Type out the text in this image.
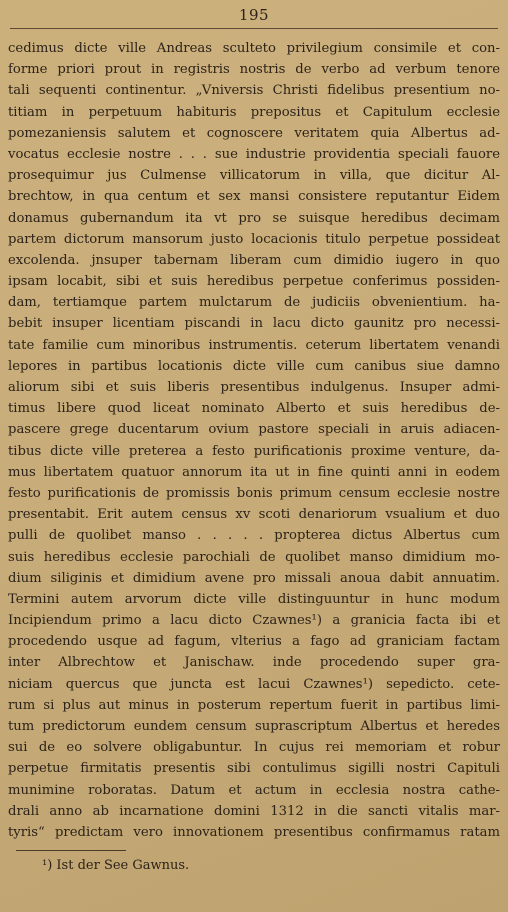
195
cedimus dicte ville Andreas sculteto privilegium consimile et con-
forme priori prout in registris nostris de verbo ad verbum tenore
tali sequenti continentur. „Vniversis Christi fidelibus presentium no-
titiam in perpetuum habituris prepositus et Capitulum ecclesie
pomezaniensis salutem et cognoscere veritatem quia Albertus ad-
vocatus ecclesie nostre . . . sue industrie providentia speciali fauore
prosequimur jus Culmense villicatorum in villa, que dicitur Al-
brechtow, in qua centum et sex mansi consistere reputantur Eidem
donamus gubernandum ita vt pro se suisque heredibus decimam
partem dictorum mansorum justo locacionis titulo perpetue possideat
excolenda. jnsuper tabernam liberam cum dimidio iugero in quo
ipsam locabit, sibi et suis heredibus perpetue conferimus possiden-
dam, tertiamque partem mulctarum de judiciis obvenientium. ha-
bebit insuper licentiam piscandi in lacu dicto gaunitz pro necessi-
tate familie cum minoribus instrumentis. ceterum libertatem venandi
lepores in partibus locationis dicte ville cum canibus siue damno
aliorum sibi et suis liberis presentibus indulgenus. Insuper admi-
timus libere quod liceat nominato Alberto et suis heredibus de-
pascere grege ducentarum ovium pastore speciali in aruis adiacen-
tibus dicte ville preterea a festo purificationis proxime venture, da-
mus libertatem quatuor annorum ita ut in fine quinti anni in eodem
festo purificationis de promissis bonis primum censum ecclesie nostre
presentabit. Erit autem census xv scoti denariorum vsualium et duo
pulli de quolibet manso . . . . . propterea dictus Albertus cum
suis heredibus ecclesie parochiali de quolibet manso dimidium mo-
dium siliginis et dimidium avene pro missali anoua dabit annuatim.
Termini autem arvorum dicte ville distinguuntur in hunc modum
Incipiendum primo a lacu dicto Czawnes¹) a granicia facta ibi et
procedendo usque ad fagum, vlterius a fago ad graniciam factam
inter Albrechtow et Janischaw. inde procedendo super gra-
niciam quercus que juncta est lacui Czawnes¹) sepedicto. cete-
rum si plus aut minus in posterum repertum fuerit in partibus limi-
tum predictorum eundem censum suprascriptum Albertus et heredes
sui de eo solvere obligabuntur. In cujus rei memoriam et robur
perpetue firmitatis presentis sibi contulimus sigilli nostri Capituli
munimine roboratas. Datum et actum in ecclesia nostra cathe-
drali anno ab incarnatione domini 1312 in die sancti vitalis mar-
tyris“ predictam vero innovationem presentibus confirmamus ratam
¹) Ist der See Gawnus.
